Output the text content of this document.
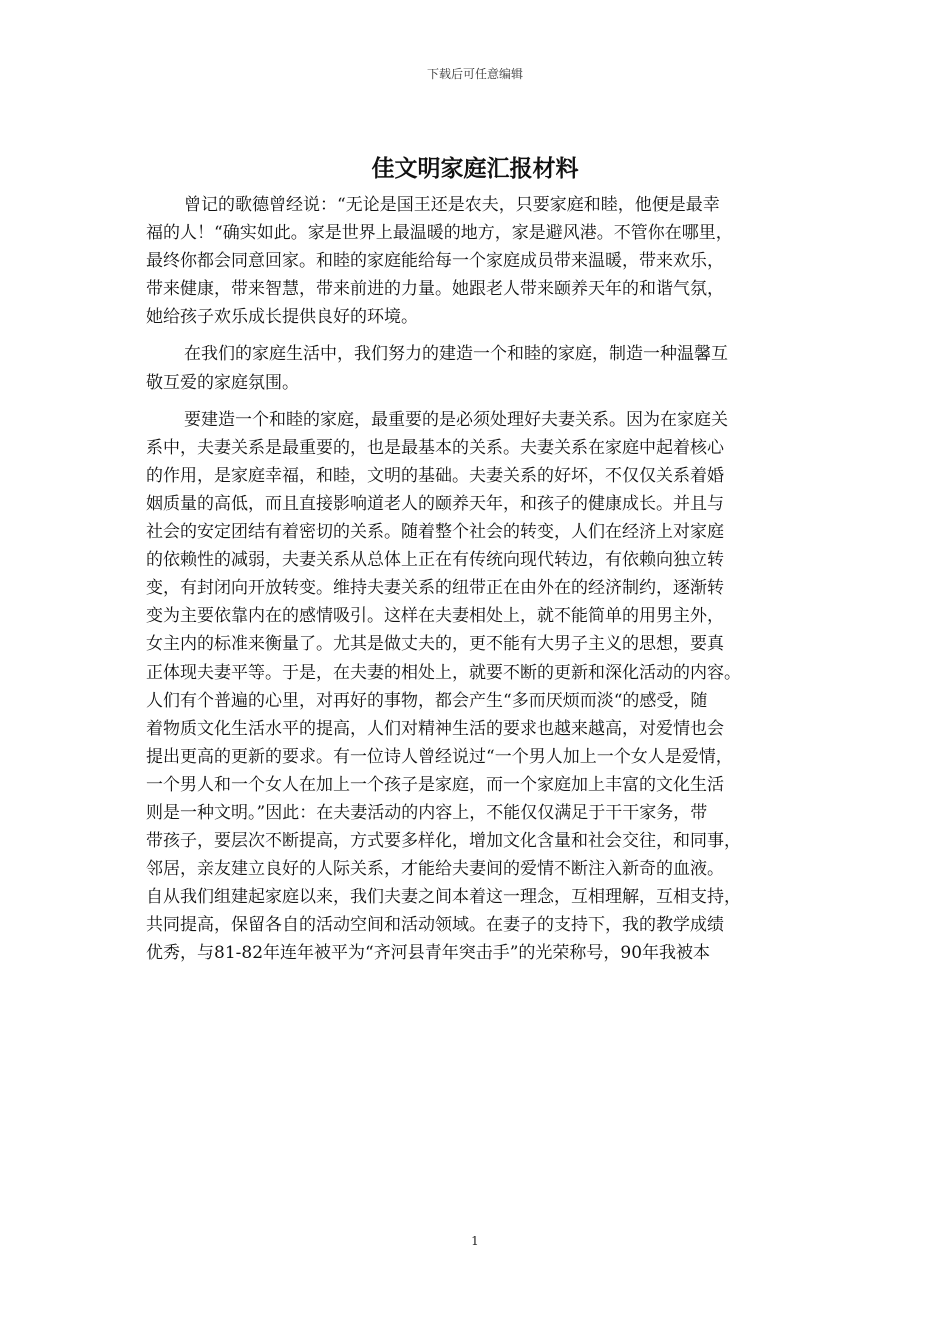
下载后可任意编辑
佳文明家庭汇报材料

曾记的歌德曾经说：“无论是国王还是农夫，只要家庭和睦，他便是最幸
福的人！“确实如此。家是世界上最温暖的地方，家是避风港。不管你在哪里，
最终你都会同意回家。和睦的家庭能给每一个家庭成员带来温暖，带来欢乐，
带来健康，带来智慧，带来前进的力量。她跟老人带来颐养天年的和谐气氛，
她给孩子欢乐成长提供良好的环境。

在我们的家庭生活中，我们努力的建造一个和睦的家庭，制造一种温馨互
敬互爱的家庭氛围。

要建造一个和睦的家庭，最重要的是必须处理好夫妻关系。因为在家庭关
系中，夫妻关系是最重要的，也是最基本的关系。夫妻关系在家庭中起着核心
的作用，是家庭幸福，和睦，文明的基础。夫妻关系的好坏，不仅仅关系着婚
姻质量的高低，而且直接影响道老人的颐养天年，和孩子的健康成长。并且与
社会的安定团结有着密切的关系。随着整个社会的转变，人们在经济上对家庭
的依赖性的减弱，夫妻关系从总体上正在有传统向现代转边，有依赖向独立转
变，有封闭向开放转变。维持夫妻关系的纽带正在由外在的经济制约，逐渐转
变为主要依靠内在的感情吸引。这样在夫妻相处上，就不能简单的用男主外，
女主内的标准来衡量了。尤其是做丈夫的，更不能有大男子主义的思想，要真
正体现夫妻平等。于是，在夫妻的相处上，就要不断的更新和深化活动的内容。
人们有个普遍的心里，对再好的事物，都会产生“多而厌烦而淡“的感受，随
着物质文化生活水平的提高，人们对精神生活的要求也越来越高，对爱情也会
提出更高的更新的要求。有一位诗人曾经说过“一个男人加上一个女人是爱情，
一个男人和一个女人在加上一个孩子是家庭，而一个家庭加上丰富的文化生活
则是一种文明。”因此：在夫妻活动的内容上，不能仅仅满足于干干家务，带
带孩子，要层次不断提高，方式要多样化，增加文化含量和社会交往，和同事，
邻居，亲友建立良好的人际关系，才能给夫妻间的爱情不断注入新奇的血液。
自从我们组建起家庭以来，我们夫妻之间本着这一理念，互相理解，互相支持，
共同提高，保留各自的活动空间和活动领域。在妻子的支持下，我的教学成绩
优秀，与81-82年连年被平为“齐河县青年突击手”的光荣称号，90年我被本

1
